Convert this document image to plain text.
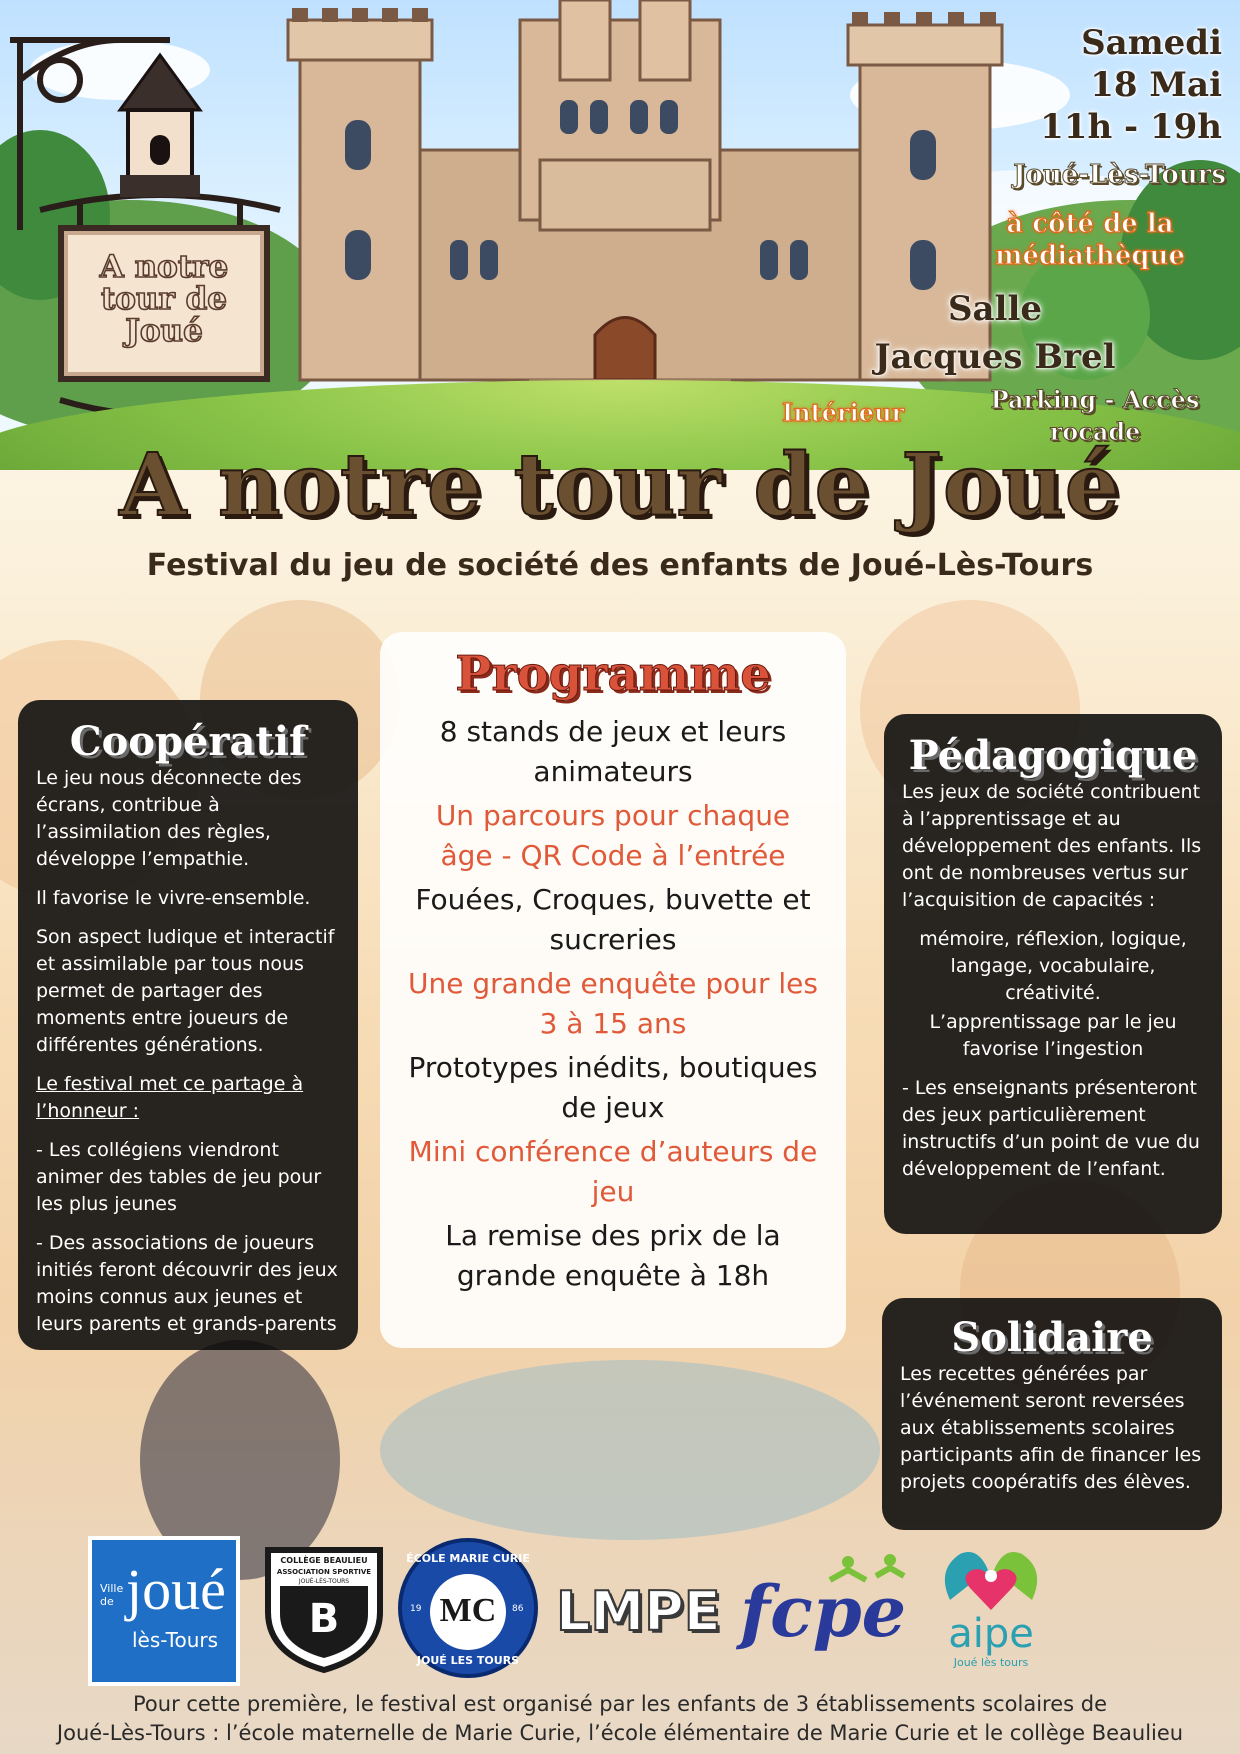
A notre
tour de
Joué
Samedi
18 Mai
11h - 19h
Joué-Lès-Tours
à côté de la
médiathèque
Salle
Jacques Brel
Intérieur	Parking - Accès
rocade
A notre tour de Joué
Festival du jeu de société des enfants de Joué-Lès-Tours
Coopératif

Le jeu nous déconnecte des écrans, contribue à l’assimilation des règles, développe l’empathie.

Il favorise le vivre-ensemble.

Son aspect ludique et interactif et assimilable par tous nous permet de partager des moments entre joueurs de différentes générations.

Le festival met ce partage à l’honneur :

- Les collégiens viendront animer des tables de jeu pour les plus jeunes

- Des associations de joueurs initiés feront découvrir des jeux moins connus aux jeunes et leurs parents et grands-parents

Programme

8 stands de jeux et leurs animateurs

Un parcours pour chaque âge - QR Code à l’entrée

Fouées, Croques, buvette et sucreries

Une grande enquête pour les 3 à 15 ans

Prototypes inédits, boutiques de jeux

Mini conférence d’auteurs de jeu

La remise des prix de la grande enquête à 18h

Pédagogique

Les jeux de société contribuent à l’apprentissage et au développement des enfants. Ils ont de nombreuses vertus sur l’acquisition de capacités :

mémoire, réflexion, logique, langage, vocabulaire, créativité.

L’apprentissage par le jeu favorise l’ingestion

- Les enseignants présenteront des jeux particulièrement instructifs d’un point de vue du développement de l’enfant.

Solidaire

Les recettes générées par l’événement seront reversées aux établissements scolaires participants afin de financer les projets coopératifs des élèves.

Ville de joué
lès-Tours
COLLÈGE BEAULIEU
ASSOCIATION SPORTIVE
JOUÉ-LÈS-TOURS
B
ÉCOLE MARIE CURIE
MC
19	86
JOUÉ LES TOURS
LMPE fcpe	aipe
Joué lès tours
Pour cette première, le festival est organisé par les enfants de 3 établissements scolaires de
Joué-Lès-Tours : l’école maternelle de Marie Curie, l’école élémentaire de Marie Curie et le collège Beaulieu
